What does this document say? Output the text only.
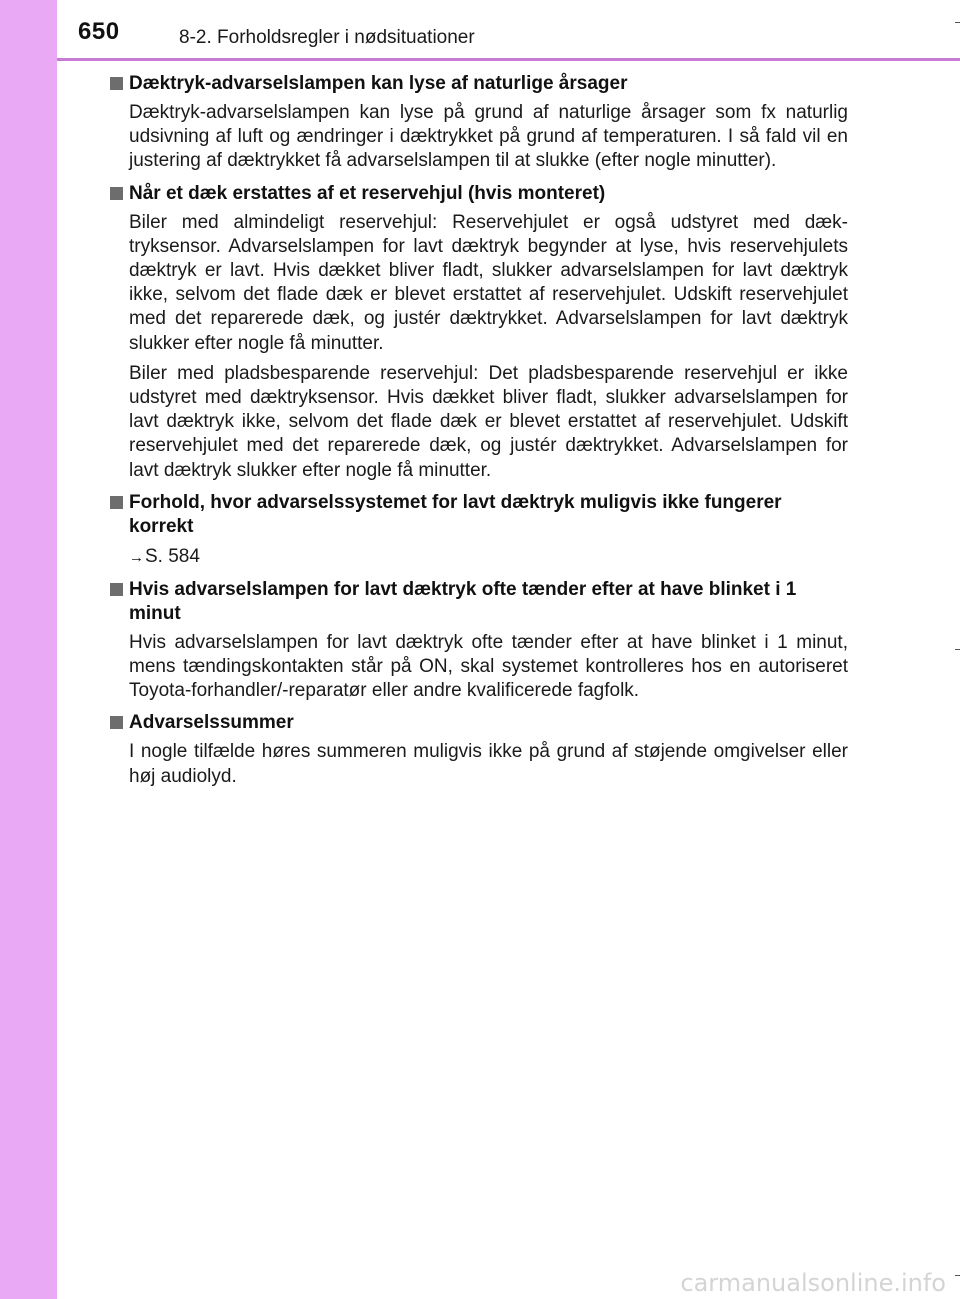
650	8-2. Forholdsregler i nødsituationer
Dæktryk-advarselslampen kan lyse af naturlige årsager
Dæktryk-advarselslampen kan lyse på grund af naturlige årsager som fx naturlig udsivning af luft og ændringer i dæktrykket på grund af temperaturen. I så fald vil en justering af dæktrykket få advarselslampen til at slukke (efter nogle minutter).
Når et dæk erstattes af et reservehjul (hvis monteret)
Biler med almindeligt reservehjul: Reservehjulet er også udstyret med dæktryksensor. Advarselslampen for lavt dæktryk begynder at lyse, hvis reservehjulets dæktryk er lavt. Hvis dækket bliver fladt, slukker advarselslampen for lavt dæktryk ikke, selvom det flade dæk er blevet erstattet af reservehjulet. Udskift reservehjulet med det reparerede dæk, og justér dæktrykket. Advarselslampen for lavt dæktryk slukker efter nogle få minutter.
Biler med pladsbesparende reservehjul: Det pladsbesparende reservehjul er ikke udstyret med dæktryksensor. Hvis dækket bliver fladt, slukker advarselslampen for lavt dæktryk ikke, selvom det flade dæk er blevet erstattet af reservehjulet. Udskift reservehjulet med det reparerede dæk, og justér dæktrykket. Advarselslampen for lavt dæktryk slukker efter nogle få minutter.
Forhold, hvor advarselssystemet for lavt dæktryk muligvis ikke fungerer korrekt
→S. 584
Hvis advarselslampen for lavt dæktryk ofte tænder efter at have blinket i 1 minut
Hvis advarselslampen for lavt dæktryk ofte tænder efter at have blinket i 1 minut, mens tændingskontakten står på ON, skal systemet kontrolleres hos en autoriseret Toyota-forhandler/-reparatør eller andre kvalificerede fagfolk.
Advarselssummer
I nogle tilfælde høres summeren muligvis ikke på grund af støjende omgivelser eller høj audiolyd.
carmanualsonline.info
